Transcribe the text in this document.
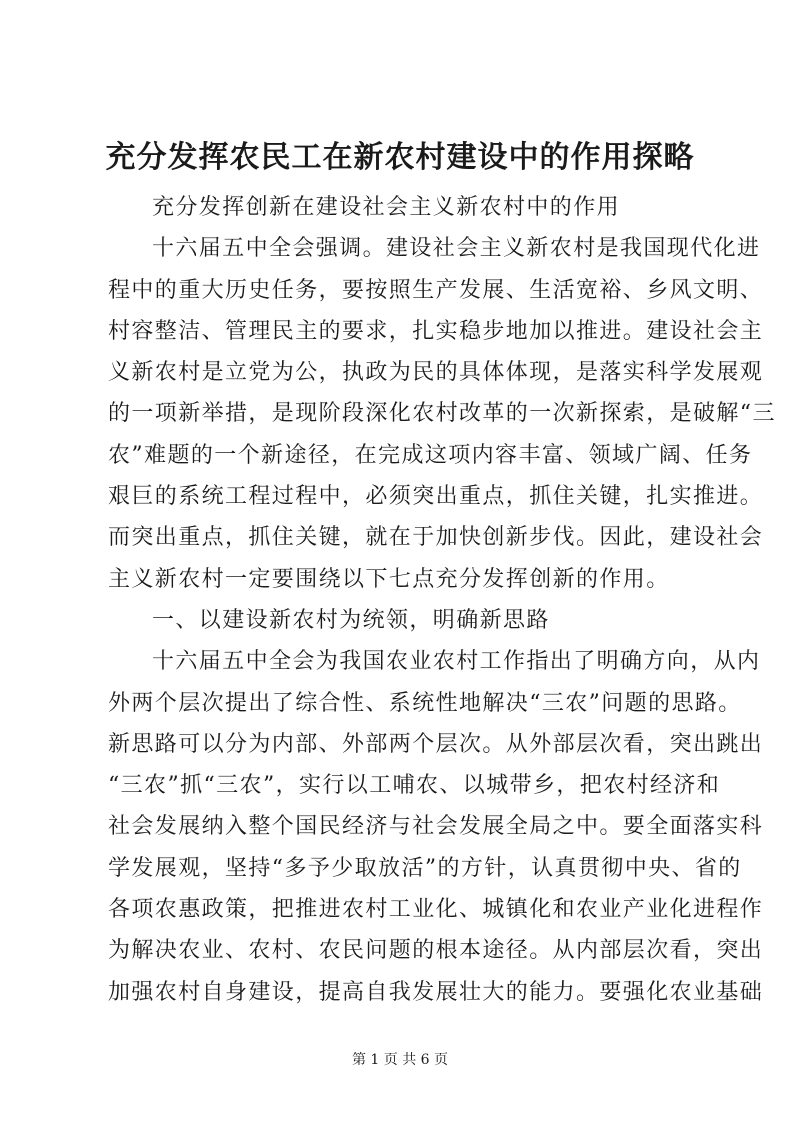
充分发挥农民工在新农村建设中的作用探略
充分发挥创新在建设社会主义新农村中的作用
十六届五中全会强调。建设社会主义新农村是我国现代化进
程中的重大历史任务，要按照生产发展、生活宽裕、乡风文明、
村容整洁、管理民主的要求，扎实稳步地加以推进。建设社会主
义新农村是立党为公，执政为民的具体体现，是落实科学发展观
的一项新举措，是现阶段深化农村改革的一次新探索，是破解“三
农”难题的一个新途径，在完成这项内容丰富、领域广阔、任务
艰巨的系统工程过程中，必须突出重点，抓住关键，扎实推进。
而突出重点，抓住关键，就在于加快创新步伐。因此，建设社会
主义新农村一定要围绕以下七点充分发挥创新的作用。
一、以建设新农村为统领，明确新思路
十六届五中全会为我国农业农村工作指出了明确方向，从内
外两个层次提出了综合性、系统性地解决“三农”问题的思路。
新思路可以分为内部、外部两个层次。从外部层次看，突出跳出
“三农”抓“三农”，实行以工哺农、以城带乡，把农村经济和
社会发展纳入整个国民经济与社会发展全局之中。要全面落实科
学发展观，坚持“多予少取放活”的方针，认真贯彻中央、省的
各项农惠政策，把推进农村工业化、城镇化和农业产业化进程作
为解决农业、农村、农民问题的根本途径。从内部层次看，突出
加强农村自身建设，提高自我发展壮大的能力。要强化农业基础
第 1 页 共 6 页
